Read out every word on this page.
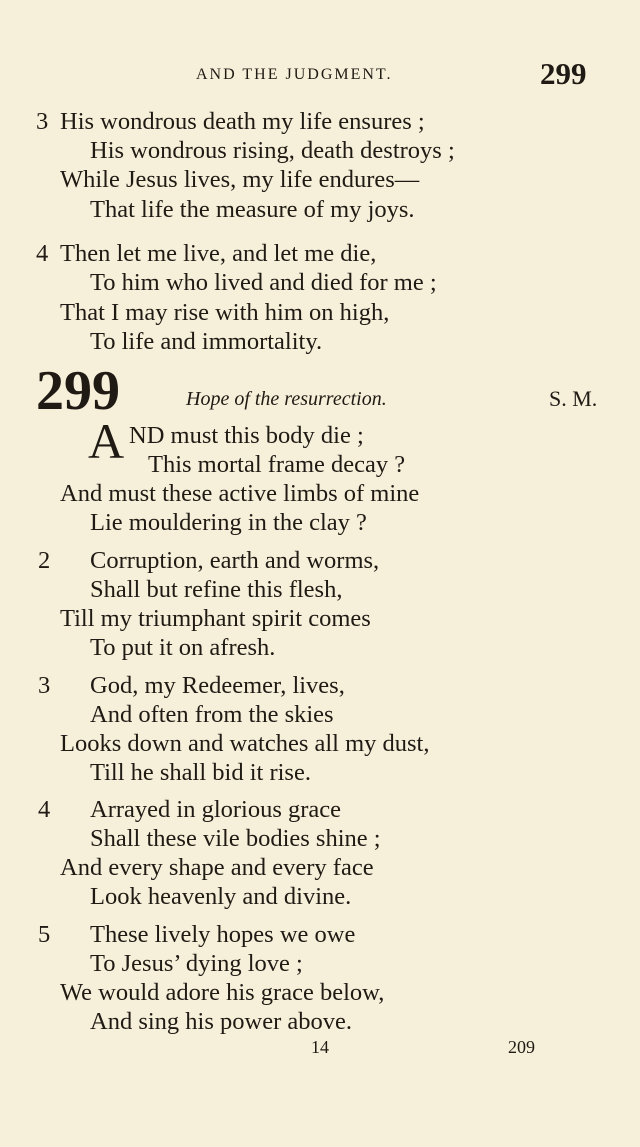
AND THE JUDGMENT.	299
3 His wondrous death my life ensures ;
His wondrous rising, death destroys ;
While Jesus lives, my life endures—
That life the measure of my joys.
4 Then let me live, and let me die,
To him who lived and died for me ;
That I may rise with him on high,
To life and immortality.
299	Hope of the resurrection.	S. M.
A ND must this body die ;
This mortal frame decay ?
And must these active limbs of mine
Lie mouldering in the clay ?
2 Corruption, earth and worms,
Shall but refine this flesh,
Till my triumphant spirit comes
To put it on afresh.
3 God, my Redeemer, lives,
And often from the skies
Looks down and watches all my dust,
Till he shall bid it rise.
4 Arrayed in glorious grace
Shall these vile bodies shine ;
And every shape and every face
Look heavenly and divine.
5 These lively hopes we owe
To Jesus’ dying love ;
We would adore his grace below,
And sing his power above.
14	209
